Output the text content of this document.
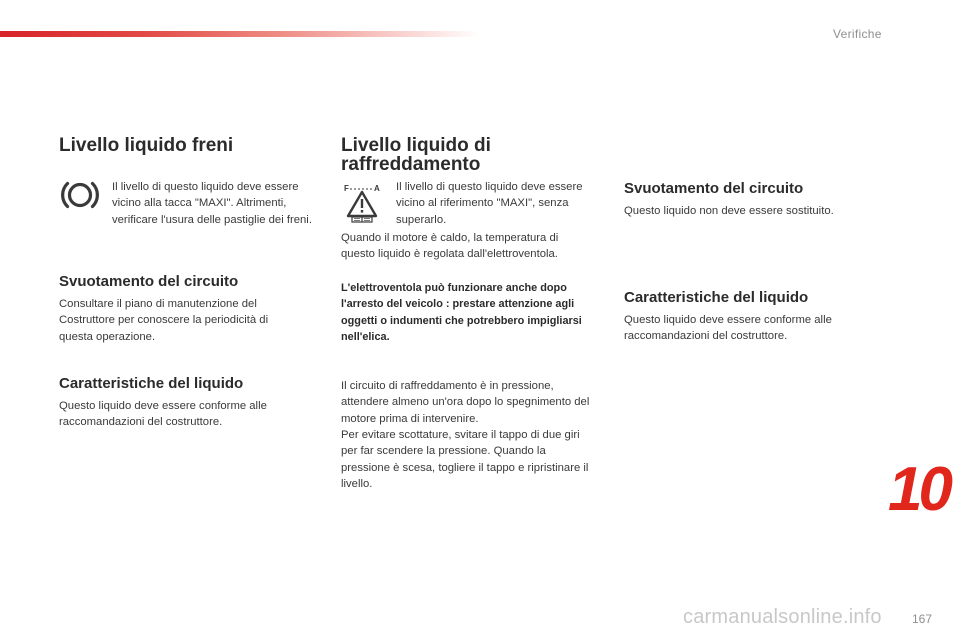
Verifiche
Livello liquido freni
Il livello di questo liquido deve essere vicino alla tacca "MAXI". Altrimenti, verificare l'usura delle pastiglie dei freni.
Svuotamento del circuito
Consultare il piano di manutenzione del Costruttore per conoscere la periodicità di questa operazione.
Caratteristiche del liquido
Questo liquido deve essere conforme alle raccomandazioni del costruttore.
Livello liquido di
raffreddamento
F	A Il livello di questo liquido deve essere vicino al riferimento "MAXI", senza superarlo.
Quando il motore è caldo, la temperatura di questo liquido è regolata dall'elettroventola.
L'elettroventola può funzionare anche dopo l'arresto del veicolo : prestare attenzione agli oggetti o indumenti che potrebbero impigliarsi nell'elica.
Il circuito di raffreddamento è in pressione, attendere almeno un'ora dopo lo spegnimento del motore prima di intervenire.
Per evitare scottature, svitare il tappo di due giri per far scendere la pressione. Quando la pressione è scesa, togliere il tappo e ripristinare il livello.
Svuotamento del circuito
Questo liquido non deve essere sostituito.
Caratteristiche del liquido
Questo liquido deve essere conforme alle raccomandazioni del costruttore.
10
carmanualsonline.info	167
